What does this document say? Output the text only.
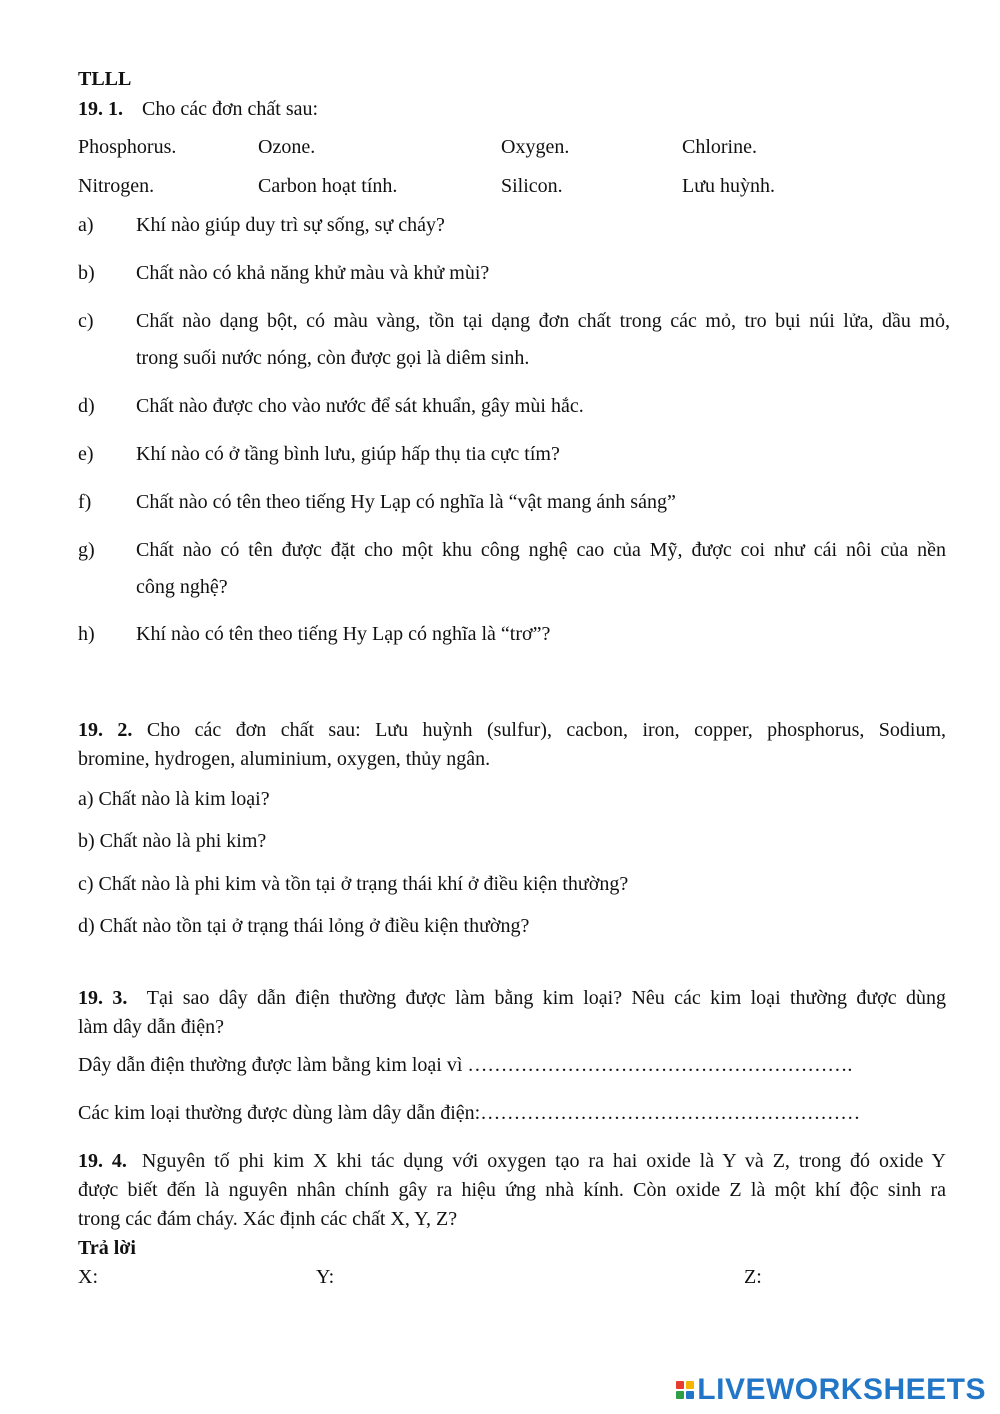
TLLL
19. 1. Cho các đơn chất sau:
Phosphorus.	Ozone.	Oxygen.	Chlorine.
Nitrogen.	Carbon hoạt tính.	Silicon.	Lưu huỳnh.
a) Khí nào giúp duy trì sự sống, sự cháy?
b) Chất nào có khả năng khử màu và khử mùi?
c) Chất nào dạng bột, có màu vàng, tồn tại dạng đơn chất trong các mỏ, tro bụi núi lửa, dầu mỏ,
trong suối nước nóng, còn được gọi là diêm sinh.
d) Chất nào được cho vào nước để sát khuẩn, gây mùi hắc.
e) Khí nào có ở tầng bình lưu, giúp hấp thụ tia cực tím?
f) Chất nào có tên theo tiếng Hy Lạp có nghĩa là “vật mang ánh sáng”
g) Chất nào có tên được đặt cho một khu công nghệ cao của Mỹ, được coi như cái nôi của nền
công nghệ?
h) Khí nào có tên theo tiếng Hy Lạp có nghĩa là “trơ”?
19. 2. Cho các đơn chất sau: Lưu huỳnh (sulfur), cacbon, iron, copper, phosphorus, Sodium,
bromine, hydrogen, aluminium, oxygen, thủy ngân.
a) Chất nào là kim loại?
b) Chất nào là phi kim?
c) Chất nào là phi kim và tồn tại ở trạng thái khí ở điều kiện thường?
d) Chất nào tồn tại ở trạng thái lỏng ở điều kiện thường?
19. 3. Tại sao dây dẫn điện thường được làm bằng kim loại? Nêu các kim loại thường được dùng
làm dây dẫn điện?
Dây dẫn điện thường được làm bằng kim loại vì ………………………………………………….
Các kim loại thường được dùng làm dây dẫn điện:…………………………………………………
19. 4. Nguyên tố phi kim X khi tác dụng với oxygen tạo ra hai oxide là Y và Z, trong đó oxide Y
được biết đến là nguyên nhân chính gây ra hiệu ứng nhà kính. Còn oxide Z là một khí độc sinh ra
trong các đám cháy. Xác định các chất X, Y, Z?
Trả lời
X:	Y:	Z:
LIVEWORKSHEETS
